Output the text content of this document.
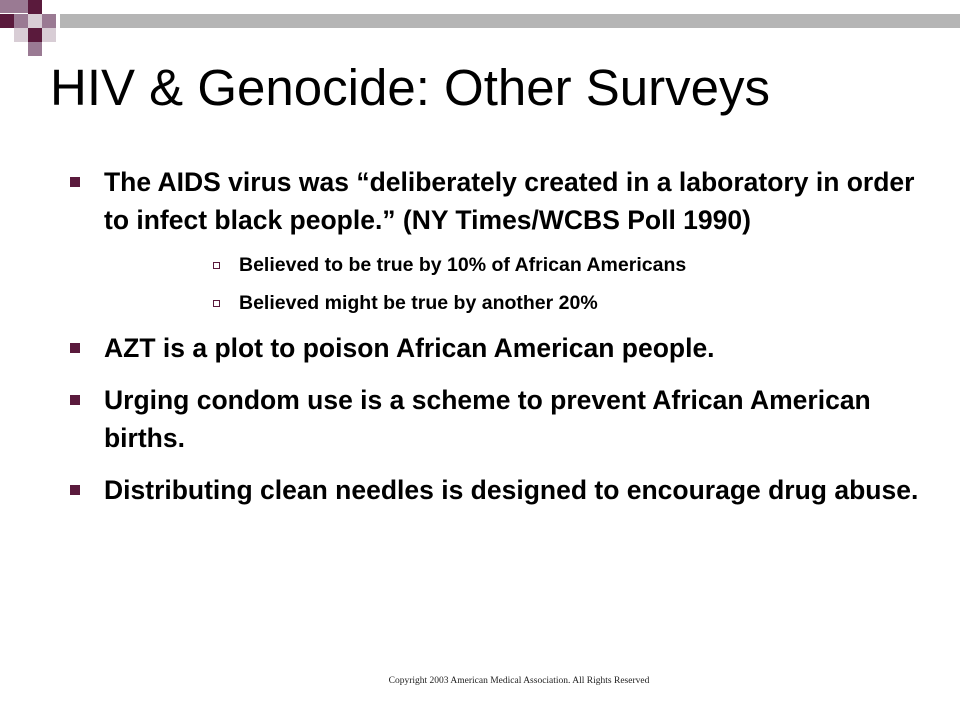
HIV & Genocide: Other Surveys
The AIDS virus was “deliberately created in a laboratory in order to infect black people.” (NY Times/WCBS Poll 1990)
Believed to be true by 10% of African Americans
Believed might be true by another 20%
AZT is a plot to poison African American people.
Urging condom use is a scheme to prevent African American births.
Distributing clean needles is designed to encourage drug abuse.
Copyright 2003 American Medical Association. All Rights Reserved
